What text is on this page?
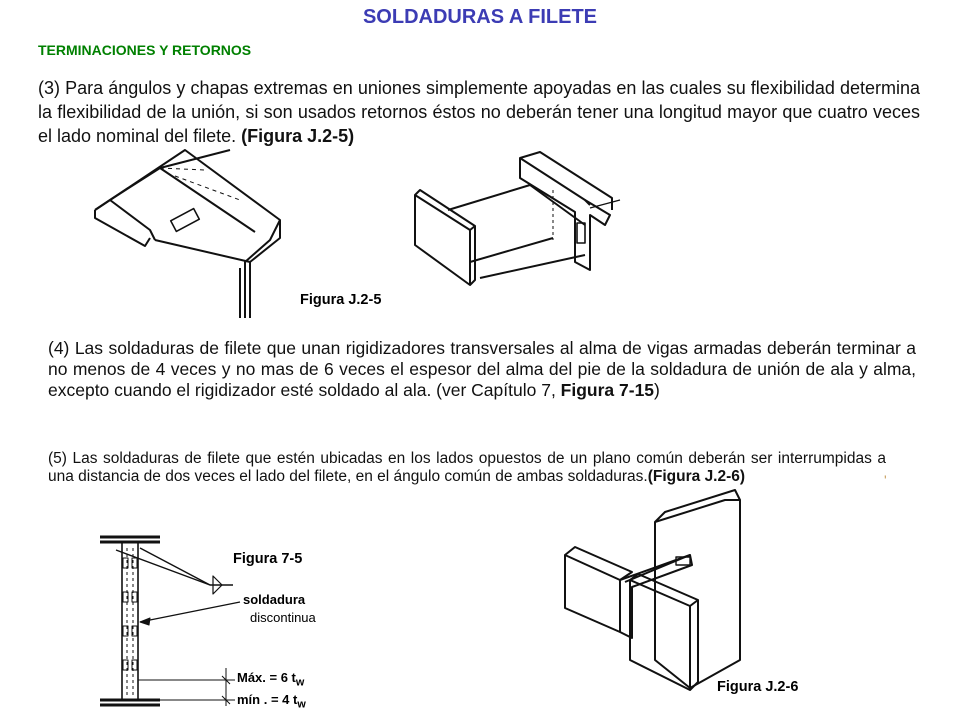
SOLDADURAS A FILETE
TERMINACIONES Y RETORNOS
(3) Para ángulos y chapas extremas en uniones simplemente apoyadas en las cuales su flexibilidad determina la flexibilidad de la unión, si son usados retornos éstos no deberán tener una longitud mayor que cuatro veces el lado nominal del filete. (Figura J.2-5)
(4) Las soldaduras de filete que unan rigidizadores transversales al alma de vigas armadas deberán terminar a no menos de 4 veces y no mas de 6 veces el espesor del alma del pie de la soldadura de unión de ala y alma, excepto cuando el rigidizador esté soldado al ala. (ver Capítulo 7, Figura 7-15)
(5) Las soldaduras de filete que estén ubicadas en los lados opuestos de un plano común deberán ser interrumpidas a una distancia de dos veces el lado del filete, en el ángulo común de ambas soldaduras.(Figura J.2-6)	'
Figura J.2-5
Figura 7-5
Figura J.2-6
soldadura
discontinua
Máx. = 6 $t_w$
mín . = 4 $t_w$
